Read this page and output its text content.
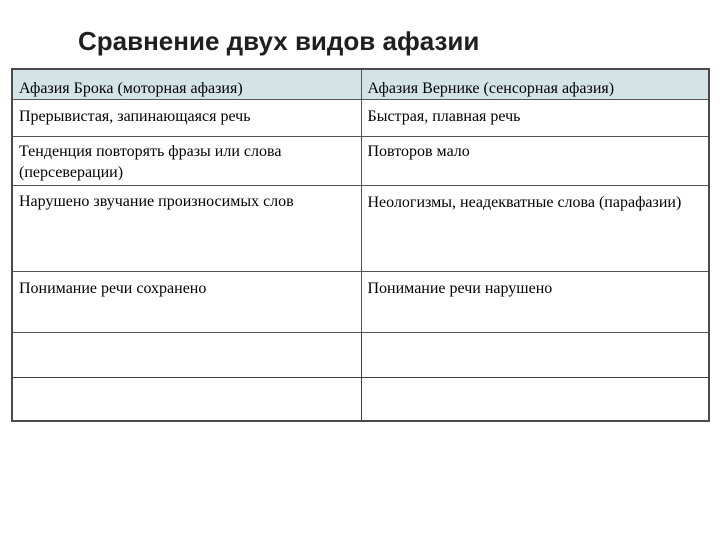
Сравнение двух видов афазии
Афазия Брока (моторная афазия)	Афазия Вернике (сенсорная афазия)
Прерывистая, запинающаяся речь	Быстрая, плавная речь
Тенденция повторять фразы или слова (персеверации)	Повторов мало
Нарушено звучание произносимых слов	Неологизмы, неадекватные слова (парафазии)
Понимание речи сохранено	Понимание речи нарушено
